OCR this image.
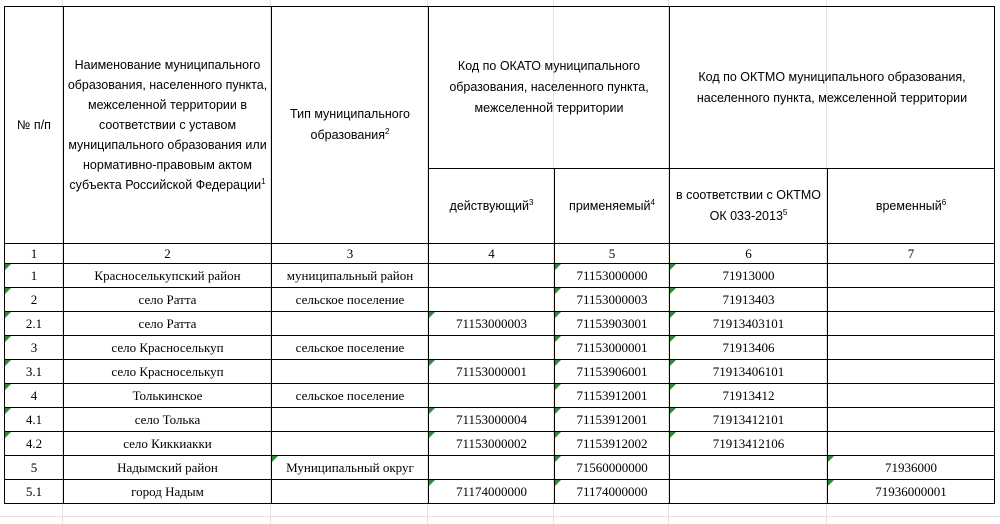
№ п/п	Наименование муниципального образования, населенного пункта, межселенной территории в соответствии с уставом муниципального образования или нормативно-правовым актом субъекта Российской Федерации$^1$	Тип муниципального образования$^2$	Код по ОКАТО муниципального образования, населенного пункта, межселенной территории		Код по ОКТМО муниципального образования, населенного пункта, межселенной территории	
			действующий$^3$	применяемый$^4$	в соответствии с ОКТМО ОК 033-2013$^5$	временный$^6$
1	2	3	4	5	6	7
1	Красноселькупский район	муниципальный район		71153000000	71913000	
2	село Ратта	сельское поселение		71153000003	71913403	
2.1	село Ратта		71153000003	71153903001	71913403101	
3	село Красноселькуп	сельское поселение		71153000001	71913406	
3.1	село Красноселькуп		71153000001	71153906001	71913406101	
4	Толькинское	сельское поселение		71153912001	71913412	
4.1	село Толька		71153000004	71153912001	71913412101	
4.2	село Киккиакки		71153000002	71153912002	71913412106	
5	Надымский район	Муниципальный округ		71560000000		71936000
5.1	город Надым		71174000000	71174000000		71936000001
